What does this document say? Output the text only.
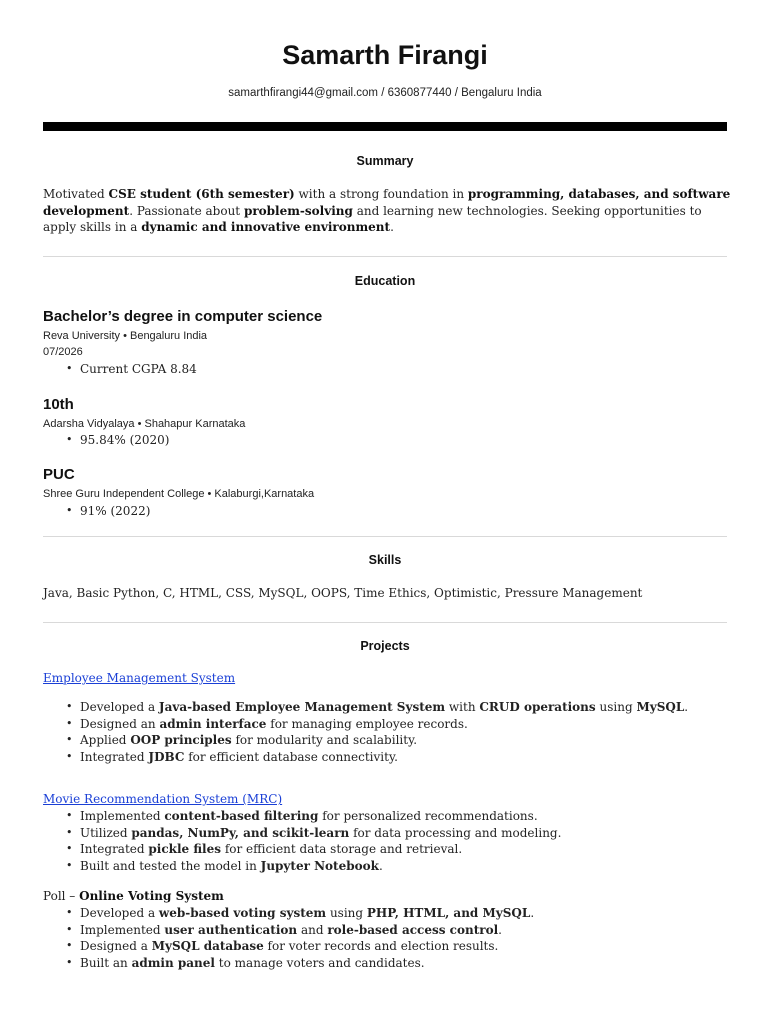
Samarth Firangi
samarthfirangi44@gmail.com / 6360877440 / Bengaluru India
Summary
Motivated CSE student (6th semester) with a strong foundation in programming, databases, and software development. Passionate about problem-solving and learning new technologies. Seeking opportunities to apply skills in a dynamic and innovative environment.
Education
Bachelor’s degree in computer science
Reva University • Bengaluru India
07/2026
• Current CGPA 8.84
10th
Adarsha Vidyalaya • Shahapur Karnataka
• 95.84% (2020)
PUC
Shree Guru Independent College • Kalaburgi,Karnataka
• 91% (2022)
Skills
Java, Basic Python, C, HTML, CSS, MySQL, OOPS, Time Ethics, Optimistic, Pressure Management
Projects
Employee Management System
• Developed a Java-based Employee Management System with CRUD operations using MySQL.
• Designed an admin interface for managing employee records.
• Applied OOP principles for modularity and scalability.
• Integrated JDBC for efficient database connectivity.
Movie Recommendation System (MRC)
• Implemented content-based filtering for personalized recommendations.
• Utilized pandas, NumPy, and scikit-learn for data processing and modeling.
• Integrated pickle files for efficient data storage and retrieval.
• Built and tested the model in Jupyter Notebook.
Poll – Online Voting System
• Developed a web-based voting system using PHP, HTML, and MySQL.
• Implemented user authentication and role-based access control.
• Designed a MySQL database for voter records and election results.
• Built an admin panel to manage voters and candidates.
